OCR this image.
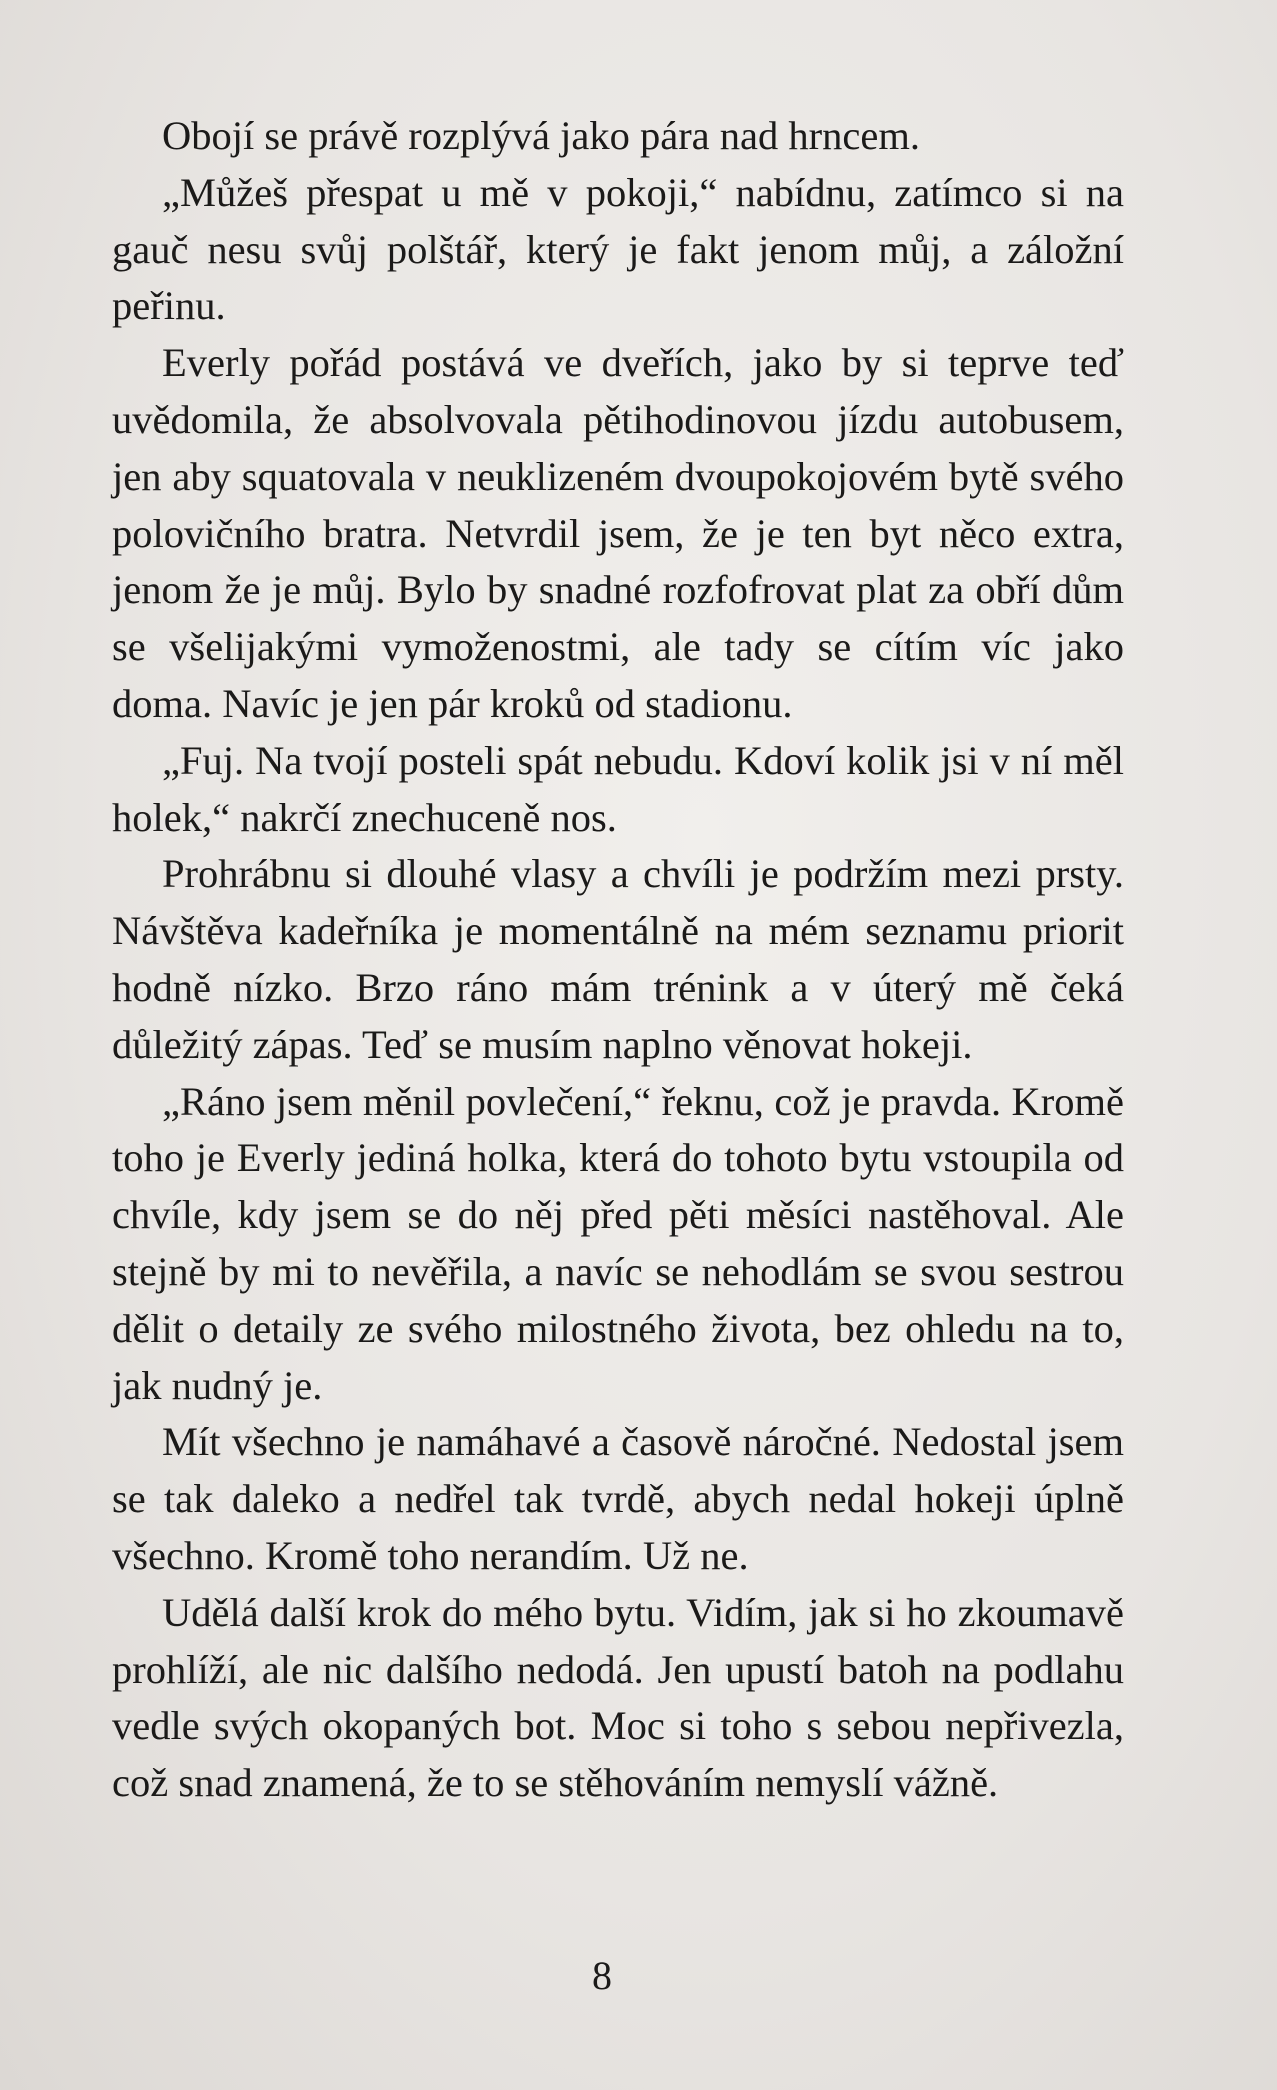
Obojí se právě rozplývá jako pára nad hrncem.

„Můžeš přespat u mě v pokoji,“ nabídnu, zatímco si na gauč nesu svůj polštář, který je fakt jenom můj, a záložní peřinu.

Everly pořád postává ve dveřích, jako by si teprve teď uvědomila, že absolvovala pětihodinovou jízdu autobusem, jen aby squatovala v neuklizeném dvoupokojovém bytě svého polovičního bratra. Netvrdil jsem, že je ten byt něco extra, jenom že je můj. Bylo by snadné rozfofrovat plat za obří dům se všelijakými vymoženostmi, ale tady se cítím víc jako doma. Navíc je jen pár kroků od stadionu.

„Fuj. Na tvojí posteli spát nebudu. Kdoví kolik jsi v ní měl holek,“ nakrčí znechuceně nos.

Prohrábnu si dlouhé vlasy a chvíli je podržím mezi prsty. Návštěva kadeřníka je momentálně na mém seznamu priorit hodně nízko. Brzo ráno mám trénink a v úterý mě čeká důležitý zápas. Teď se musím naplno věnovat hokeji.

„Ráno jsem měnil povlečení,“ řeknu, což je pravda. Kromě toho je Everly jediná holka, která do tohoto bytu vstoupila od chvíle, kdy jsem se do něj před pěti měsíci nastěhoval. Ale stejně by mi to nevěřila, a navíc se nehodlám se svou sestrou dělit o detaily ze svého milostného života, bez ohledu na to, jak nudný je.

Mít všechno je namáhavé a časově náročné. Nedostal jsem se tak daleko a nedřel tak tvrdě, abych nedal hokeji úplně všechno. Kromě toho nerandím. Už ne.

Udělá další krok do mého bytu. Vidím, jak si ho zkoumavě prohlíží, ale nic dalšího nedodá. Jen upustí batoh na podlahu vedle svých okopaných bot. Moc si toho s sebou nepřivezla, což snad znamená, že to se stěhováním nemyslí vážně.

8
